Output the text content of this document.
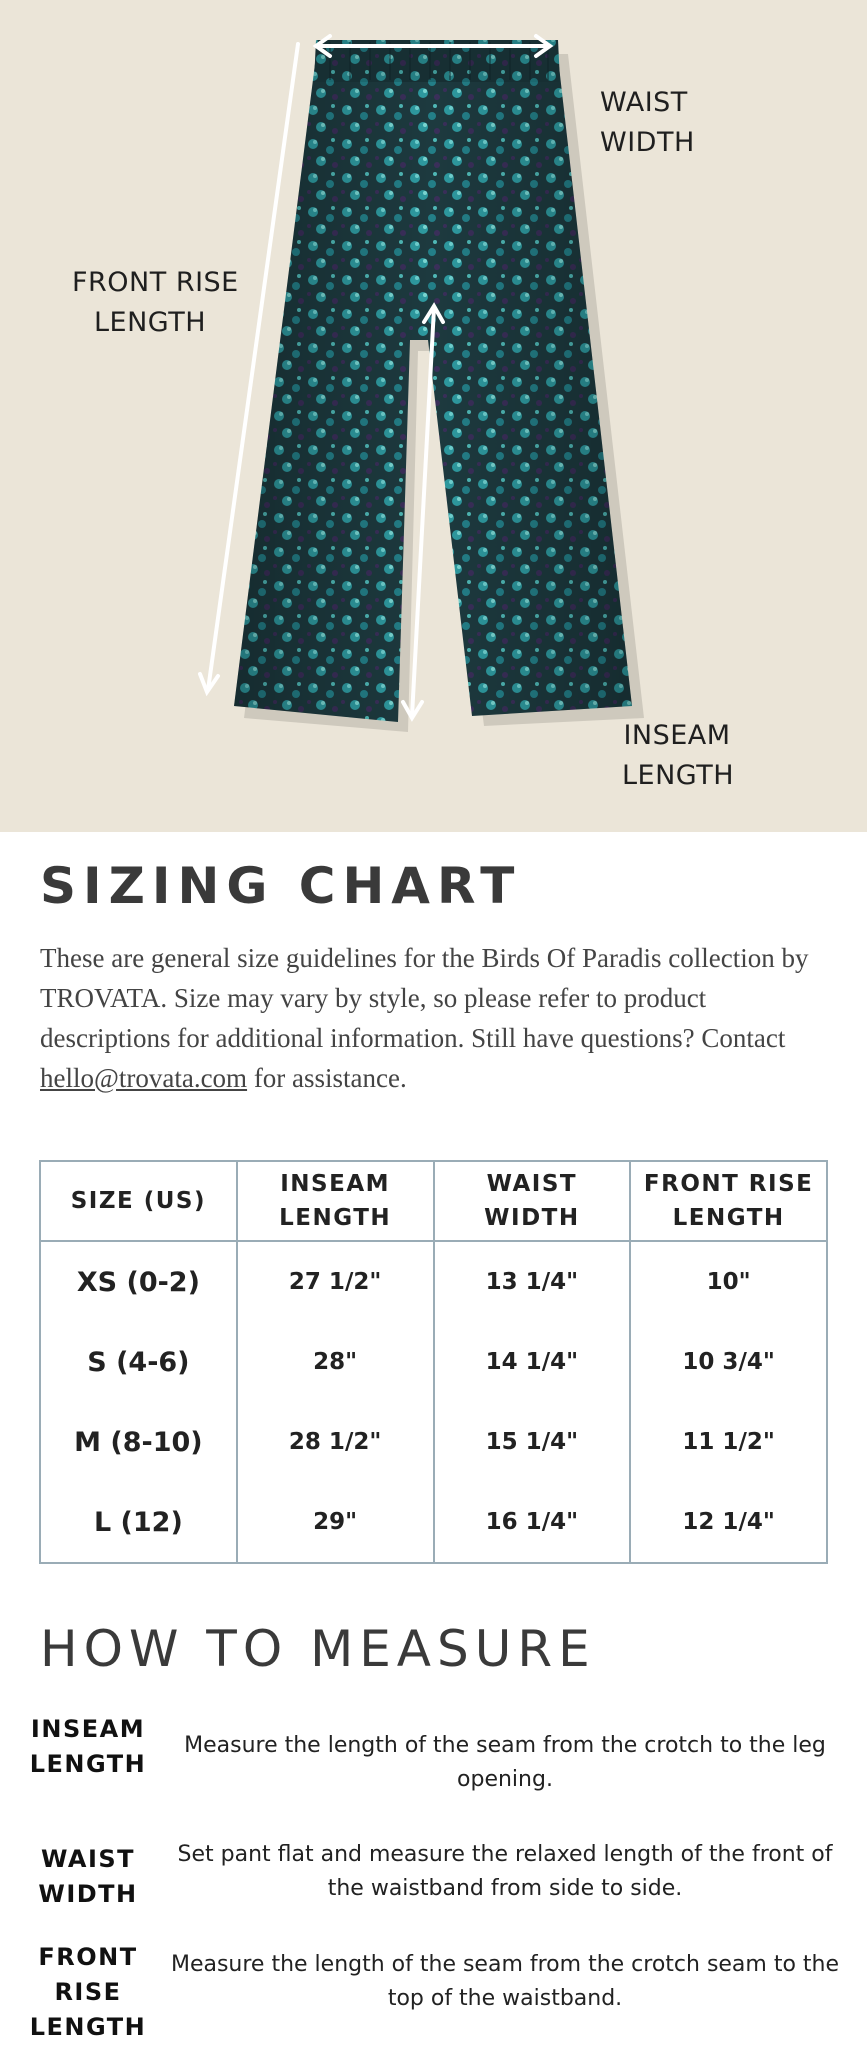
WAIST
WIDTH
FRONT RISE
LENGTH
INSEAM
LENGTH
SIZING CHART

These are general size guidelines for the Birds Of Paradis collection by TROVATA. Size may vary by style, so please refer to product descriptions for additional information. Still have questions? Contact hello@trovata.com for assistance.

SIZE (US)	INSEAM LENGTH	WAIST WIDTH	FRONT RISE LENGTH
XS (0-2)	27 1/2"	13 1/4"	10"
S (4-6)	28"	14 1/4"	10 3/4"
M (8-10)	28 1/2"	15 1/4"	11 1/2"
L (12)	29"	16 1/4"	12 1/4"
HOW TO MEASURE
INSEAM
LENGTH
Measure the length of the seam from the crotch to the leg opening.
WAIST
WIDTH
Set pant flat and measure the relaxed length of the front of the waistband from side to side.
FRONT RISE
LENGTH
Measure the length of the seam from the crotch seam to the top of the waistband.
